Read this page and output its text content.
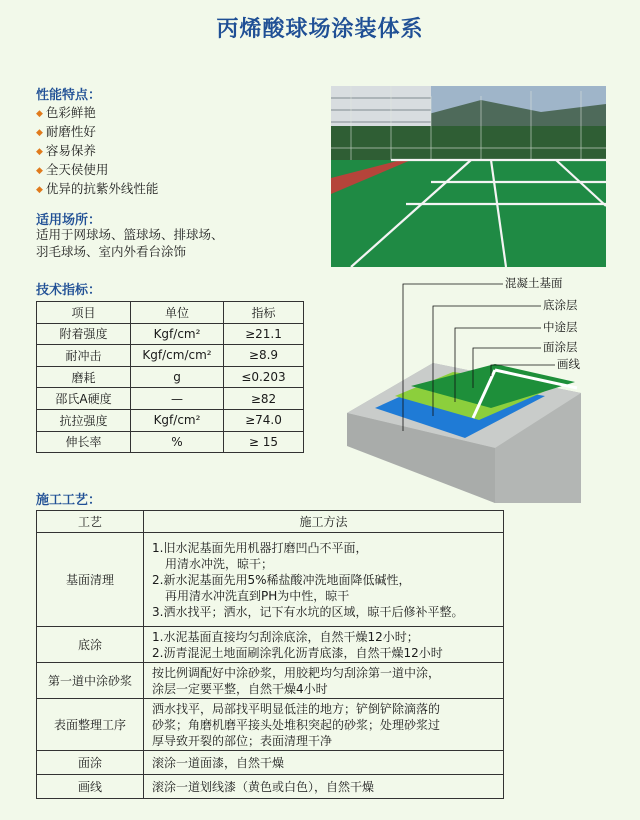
丙烯酸球场涂装体系
性能特点：
◆ 色彩鲜艳
◆ 耐磨性好
◆ 容易保养
◆ 全天侯使用
◆ 优异的抗紫外线性能
适用场所：
适用于网球场、篮球场、排球场、
羽毛球场、室内外看台涂饰
技术指标：
项目	单位	指标
附着强度	Kgf/cm²	≥21.1
耐冲击	Kgf/cm/cm²	≥8.9
磨耗	g	≤0.203
邵氏A硬度	—	≥82
抗拉强度	Kgf/cm²	≥74.0
伸长率	%	≥ 15
混凝土基面
底涂层
中途层
面涂层
画线
施工工艺：
工艺	施工方法
基面清理	1.旧水泥基面先用机器打磨凹凸不平面，
用清水冲洗，晾干；
2.新水泥基面先用5%稀盐酸冲洗地面降低碱性，
再用清水冲洗直到PH为中性，晾干
3.洒水找平；洒水，记下有水坑的区域，晾干后修补平整。

底涂	1.水泥基面直接均匀刮涂底涂，自然干燥12小时；
2.沥青混泥土地面刷涂乳化沥青底漆，自然干燥12小时

第一道中涂砂浆	按比例调配好中涂砂浆，用胶耙均匀刮涂第一道中涂，
涂层一定要平整，自然干燥4小时

表面整理工序	洒水找平，局部找平明显低洼的地方；铲倒铲除滴落的
砂浆；角磨机磨平接头处堆积突起的砂浆；处理砂浆过
厚导致开裂的部位；表面清理干净

面涂	滚涂一道面漆，自然干燥

画线	滚涂一道划线漆（黄色或白色），自然干燥
